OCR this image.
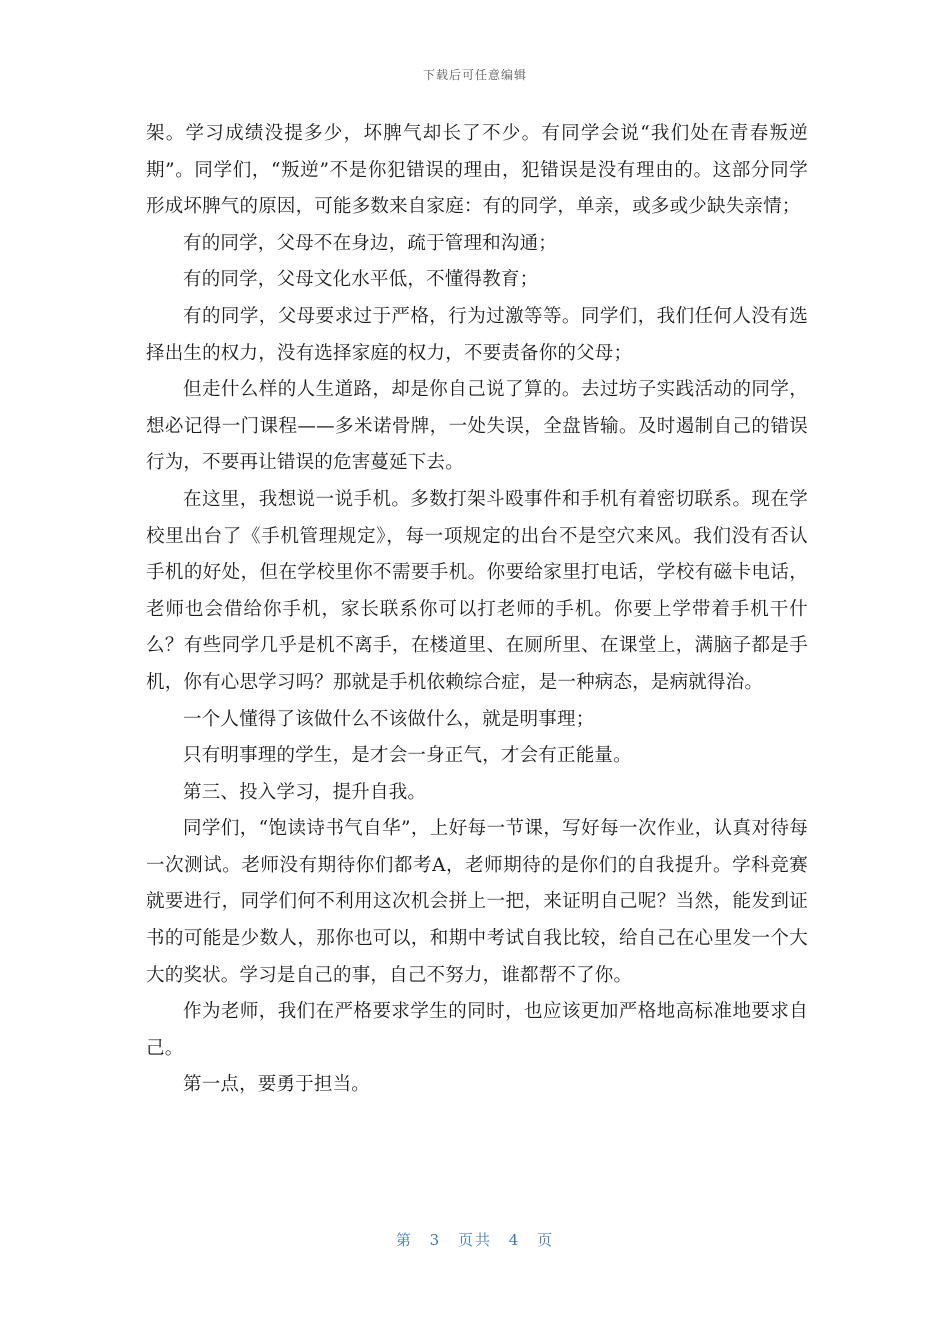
下载后可任意编辑

架。学习成绩没提多少，坏脾气却长了不少。有同学会说“我们处在青春叛逆期”。同学们，“叛逆”不是你犯错误的理由，犯错误是没有理由的。这部分同学形成坏脾气的原因，可能多数来自家庭：有的同学，单亲，或多或少缺失亲情；

有的同学，父母不在身边，疏于管理和沟通；

有的同学，父母文化水平低，不懂得教育；

有的同学，父母要求过于严格，行为过激等等。同学们，我们任何人没有选择出生的权力，没有选择家庭的权力，不要责备你的父母；

但走什么样的人生道路，却是你自己说了算的。去过坊子实践活动的同学，想必记得一门课程——多米诺骨牌，一处失误，全盘皆输。及时遏制自己的错误行为，不要再让错误的危害蔓延下去。

在这里，我想说一说手机。多数打架斗殴事件和手机有着密切联系。现在学校里出台了《手机管理规定》，每一项规定的出台不是空穴来风。我们没有否认手机的好处，但在学校里你不需要手机。你要给家里打电话，学校有磁卡电话，老师也会借给你手机，家长联系你可以打老师的手机。你要上学带着手机干什么？有些同学几乎是机不离手，在楼道里、在厕所里、在课堂上，满脑子都是手机，你有心思学习吗？那就是手机依赖综合症，是一种病态，是病就得治。

一个人懂得了该做什么不该做什么，就是明事理；

只有明事理的学生，是才会一身正气，才会有正能量。

第三、投入学习，提升自我。

同学们，“饱读诗书气自华”，上好每一节课，写好每一次作业，认真对待每一次测试。老师没有期待你们都考A，老师期待的是你们的自我提升。学科竞赛就要进行，同学们何不利用这次机会拼上一把，来证明自己呢？当然，能发到证书的可能是少数人，那你也可以，和期中考试自我比较，给自己在心里发一个大大的奖状。学习是自己的事，自己不努力，谁都帮不了你。

作为老师，我们在严格要求学生的同时，也应该更加严格地高标准地要求自己。

第一点，要勇于担当。

第 3 页共 4 页
